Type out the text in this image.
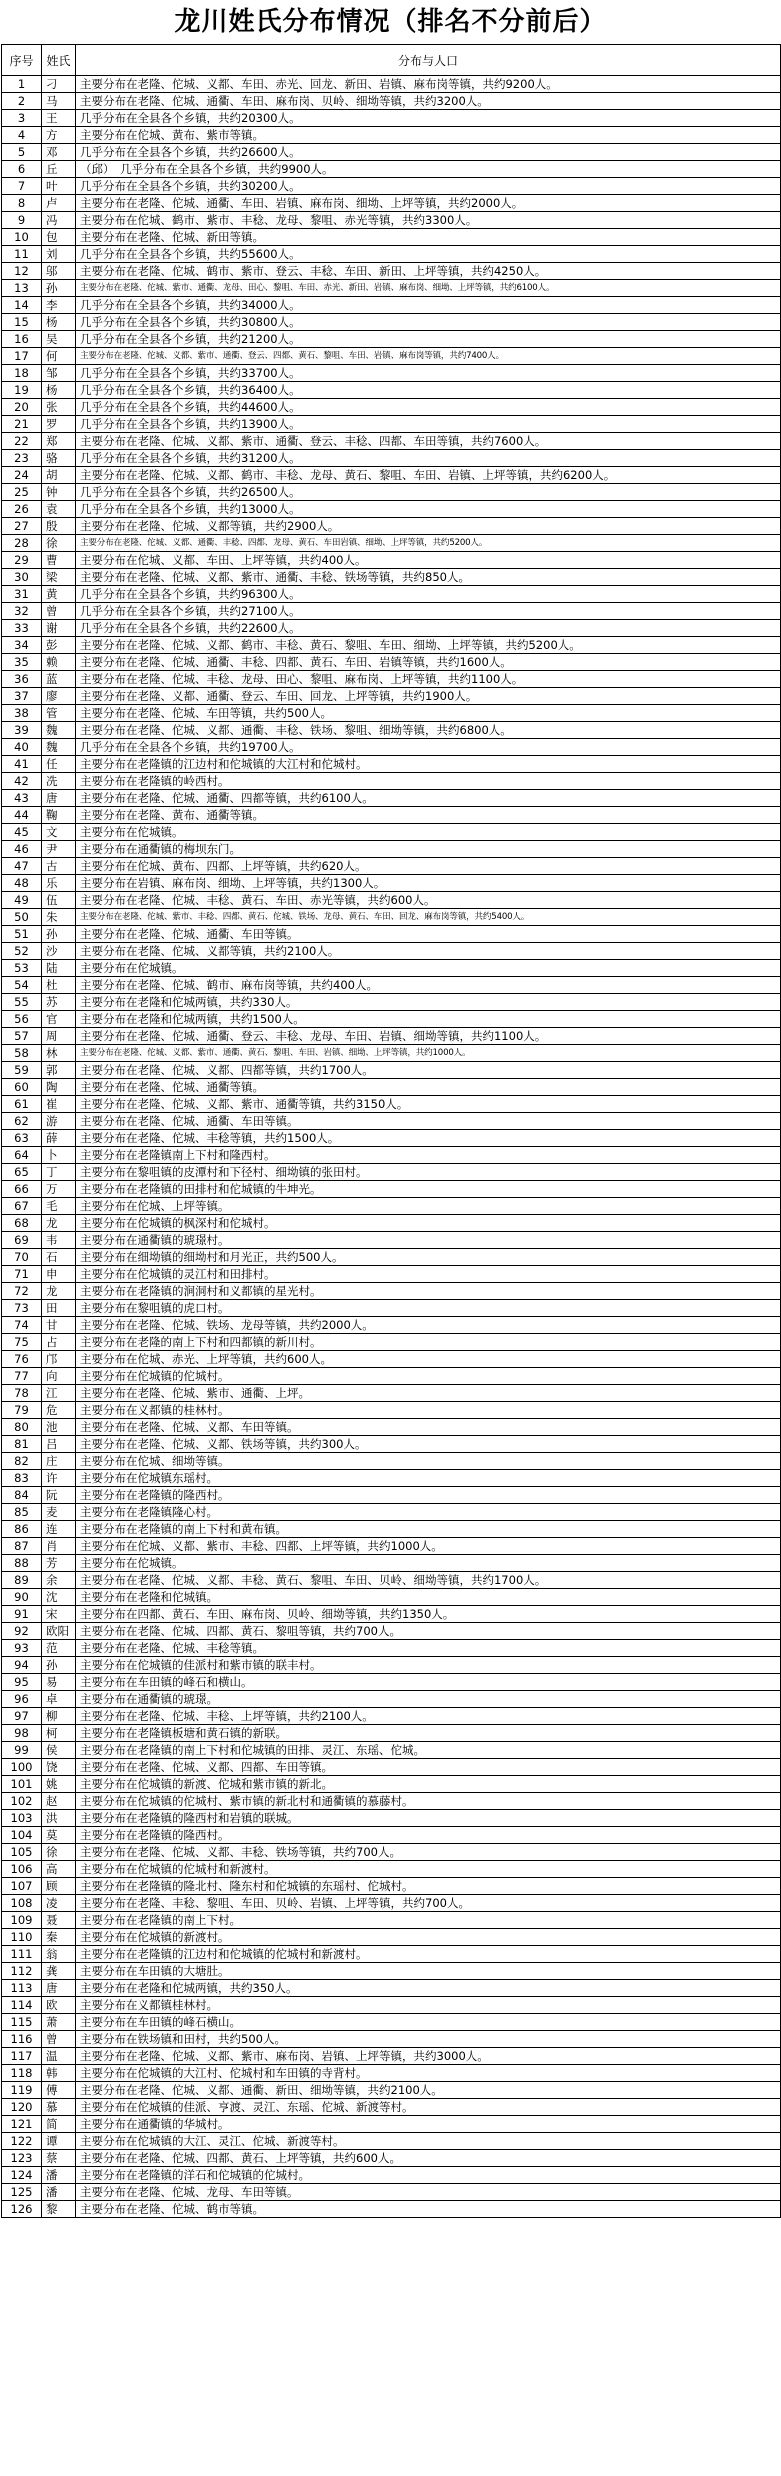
龙川姓氏分布情况（排名不分前后）
序号	姓氏	分布与人口
1	刁	主要分布在老隆、佗城、义都、车田、赤光、回龙、新田、岩镇、麻布岗等镇，共约9200人。
2	马	主要分布在老隆、佗城、通衢、车田、麻布岗、贝岭、细坳等镇，共约3200人。
3	王	几乎分布在全县各个乡镇，共约20300人。
4	方	主要分布在佗城、黄布、紫市等镇。
5	邓	几乎分布在全县各个乡镇，共约26600人。
6	丘	（邱）　几乎分布在全县各个乡镇，共约9900人。
7	叶	几乎分布在全县各个乡镇，共约30200人。
8	卢	主要分布在老隆、佗城、通衢、车田、岩镇、麻布岗、细坳、上坪等镇，共约2000人。
9	冯	主要分布在佗城、鹤市、紫市、丰稔、龙母、黎咀、赤光等镇，共约3300人。
10	包	主要分布在老隆、佗城、新田等镇。
11	刘	几乎分布在全县各个乡镇，共约55600人。
12	邬	主要分布在老隆、佗城、鹤市、紫市、登云、丰稔、车田、新田、上坪等镇，共约4250人。
13	孙	主要分布在老隆、佗城、紫市、通衢、龙母、田心、黎咀、车田、赤光、新田、岩镇、麻布岗、细坳、上坪等镇，共约6100人。
14	李	几乎分布在全县各个乡镇，共约34000人。
15	杨	几乎分布在全县各个乡镇，共约30800人。
16	吴	几乎分布在全县各个乡镇，共约21200人。
17	何	主要分布在老隆、佗城、义都、紫市、通衢、登云、四都、黄石、黎咀、车田、岩镇、麻布岗等镇，共约7400人。
18	邹	几乎分布在全县各个乡镇，共约33700人。
19	杨	几乎分布在全县各个乡镇，共约36400人。
20	张	几乎分布在全县各个乡镇，共约44600人。
21	罗	几乎分布在全县各个乡镇，共约13900人。
22	郑	主要分布在老隆、佗城、义都、紫市、通衢、登云、丰稔、四都、车田等镇，共约7600人。
23	骆	几乎分布在全县各个乡镇，共约31200人。
24	胡	主要分布在老隆、佗城、义都、鹤市、丰稔、龙母、黄石、黎咀、车田、岩镇、上坪等镇，共约6200人。
25	钟	几乎分布在全县各个乡镇，共约26500人。
26	袁	几乎分布在全县各个乡镇，共约13000人。
27	殷	主要分布在老隆、佗城、义都等镇，共约2900人。
28	徐	主要分布在老隆、佗城、义都、通衢、丰稔、四都、龙母、黄石、车田岩镇、细坳、上坪等镇，共约5200人。
29	曹	主要分布在佗城、义都、车田、上坪等镇，共约400人。
30	梁	主要分布在老隆、佗城、义都、紫市、通衢、丰稔、铁场等镇，共约850人。
31	黄	几乎分布在全县各个乡镇，共约96300人。
32	曾	几乎分布在全县各个乡镇，共约27100人。
33	谢	几乎分布在全县各个乡镇，共约22600人。
34	彭	主要分布在老隆、佗城、义都、鹤市、丰稔、黄石、黎咀、车田、细坳、上坪等镇，共约5200人。
35	赖	主要分布在老隆、佗城、通衢、丰稔、四都、黄石、车田、岩镇等镇，共约1600人。
36	蓝	主要分布在老隆、佗城、丰稔、龙母、田心、黎咀、麻布岗、上坪等镇，共约1100人。
37	廖	主要分布在老隆、义都、通衢、登云、车田、回龙、上坪等镇，共约1900人。
38	管	主要分布在老隆、佗城、车田等镇，共约500人。
39	魏	主要分布在老隆、佗城、义都、通衢、丰稔、铁场、黎咀、细坳等镇，共约6800人。
40	魏	几乎分布在全县各个乡镇，共约19700人。
41	任	主要分布在老隆镇的江边村和佗城镇的大江村和佗城村。
42	冼	主要分布在老隆镇的岭西村。
43	唐	主要分布在老隆、佗城、通衢、四都等镇，共约6100人。
44	鞠	主要分布在老隆、黄布、通衢等镇。
45	文	主要分布在佗城镇。
46	尹	主要分布在通衢镇的梅坝东门。
47	古	主要分布在佗城、黄布、四都、上坪等镇，共约620人。
48	乐	主要分布在岩镇、麻布岗、细坳、上坪等镇，共约1300人。
49	伍	主要分布在老隆、佗城、丰稔、黄石、车田、赤光等镇，共约600人。
50	朱	主要分布在老隆、佗城、紫市、丰稔、四都、黄石、佗城、铁场、龙母、黄石、车田、回龙、麻布岗等镇，共约5400人。
51	孙	主要分布在老隆、佗城、通衢、车田等镇。
52	沙	主要分布在老隆、佗城、义都等镇，共约2100人。
53	陆	主要分布在佗城镇。
54	杜	主要分布在老隆、佗城、鹤市、麻布岗等镇，共约400人。
55	苏	主要分布在老隆和佗城两镇，共约330人。
56	官	主要分布在老隆和佗城两镇，共约1500人。
57	周	主要分布在老隆、佗城、通衢、登云、丰稔、龙母、车田、岩镇、细坳等镇，共约1100人。
58	林	主要分布在老隆、佗城、义都、紫市、通衢、黄石、黎咀、车田、岩镇、细坳、上坪等镇，共约1000人。
59	郭	主要分布在老隆、佗城、义都、四都等镇，共约1700人。
60	陶	主要分布在老隆、佗城、通衢等镇。
61	崔	主要分布在老隆、佗城、义都、紫市、通衢等镇，共约3150人。
62	游	主要分布在老隆、佗城、通衢、车田等镇。
63	薛	主要分布在老隆、佗城、丰稔等镇，共约1500人。
64	卜	主要分布在老隆镇南上下村和隆西村。
65	丁	主要分布在黎咀镇的皮潭村和下径村、细坳镇的张田村。
66	万	主要分布在老隆镇的田排村和佗城镇的牛坤光。
67	毛	主要分布在佗城、上坪等镇。
68	龙	主要分布在佗城镇的枫深村和佗城村。
69	韦	主要分布在通衢镇的琥璟村。
70	石	主要分布在细坳镇的细坳村和月光正，共约500人。
71	申	主要分布在佗城镇的灵江村和田排村。
72	龙	主要分布在老隆镇的涧洞村和义都镇的星光村。
73	田	主要分布在黎咀镇的虎口村。
74	甘	主要分布在老隆、佗城、铁场、龙母等镇，共约2000人。
75	占	主要分布在老隆的南上下村和四都镇的新川村。
76	邝	主要分布在佗城、赤光、上坪等镇，共约600人。
77	向	主要分布在佗城镇的佗城村。
78	江	主要分布在老隆、佗城、紫市、通衢、上坪。
79	危	主要分布在义都镇的桂林村。
80	池	主要分布在老隆、佗城、义都、车田等镇。
81	吕	主要分布在老隆、佗城、义都、铁场等镇，共约300人。
82	庄	主要分布在佗城、细坳等镇。
83	许	主要分布在佗城镇东瑶村。
84	阮	主要分布在老隆镇的隆西村。
85	麦	主要分布在老隆镇隆心村。
86	连	主要分布在老隆镇的南上下村和黄布镇。
87	肖	主要分布在佗城、义都、紫市、丰稔、四都、上坪等镇，共约1000人。
88	芳	主要分布在佗城镇。
89	余	主要分布在老隆、佗城、义都、丰稔、黄石、黎咀、车田、贝岭、细坳等镇，共约1700人。
90	沈	主要分布在老隆和佗城镇。
91	宋	主要分布在四都、黄石、车田、麻布岗、贝岭、细坳等镇，共约1350人。
92	欧阳	主要分布在老隆、佗城、四都、黄石、黎咀等镇，共约700人。
93	范	主要分布在老隆、佗城、丰稔等镇。
94	孙	主要分布在佗城镇的佳派村和紫市镇的联丰村。
95	易	主要分布在车田镇的峰石和横山。
96	卓	主要分布在通衢镇的琥璟。
97	柳	主要分布在老隆、佗城、丰稔、上坪等镇，共约2100人。
98	柯	主要分布在老隆镇板塘和黄石镇的新联。
99	侯	主要分布在老隆镇的南上下村和佗城镇的田排、灵江、东瑶、佗城。
100	饶	主要分布在老隆、佗城、义都、四都、车田等镇。
101	姚	主要分布在佗城镇的新渡、佗城和紫市镇的新北。
102	赵	主要分布在佗城镇的佗城村、紫市镇的新北村和通衢镇的慕藤村。
103	洪	主要分布在老隆镇的隆西村和岩镇的联城。
104	莫	主要分布在老隆镇的隆西村。
105	徐	主要分布在老隆、佗城、义都、丰稔、铁场等镇，共约700人。
106	高	主要分布在佗城镇的佗城村和新渡村。
107	顾	主要分布在老隆镇的隆北村、隆东村和佗城镇的东瑶村、佗城村。
108	凌	主要分布在老隆、丰稔、黎咀、车田、贝岭、岩镇、上坪等镇，共约700人。
109	聂	主要分布在老隆镇的南上下村。
110	秦	主要分布在佗城镇的新渡村。
111	翁	主要分布在老隆镇的江边村和佗城镇的佗城村和新渡村。
112	龚	主要分布在车田镇的大塘肚。
113	唐	主要分布在老隆和佗城两镇，共约350人。
114	欧	主要分布在义都镇桂林村。
115	萧	主要分布在车田镇的峰石横山。
116	曾	主要分布在铁场镇和田村，共约500人。
117	温	主要分布在老隆、佗城、义都、紫市、麻布岗、岩镇、上坪等镇，共约3000人。
118	韩	主要分布在佗城镇的大江村、佗城村和车田镇的寺背村。
119	傅	主要分布在老隆、佗城、义都、通衢、新田、细坳等镇，共约2100人。
120	慕	主要分布在佗城镇的佳派、亨渡、灵江、东瑶、佗城、新渡等村。
121	简	主要分布在通衢镇的华城村。
122	谭	主要分布在佗城镇的大江、灵江、佗城、新渡等村。
123	蔡	主要分布在老隆、佗城、四都、黄石、上坪等镇，共约600人。
124	潘	主要分布在老隆镇的洋石和佗城镇的佗城村。
125	潘	主要分布在老隆、佗城、龙母、车田等镇。
126	黎	主要分布在老隆、佗城、鹤市等镇。
